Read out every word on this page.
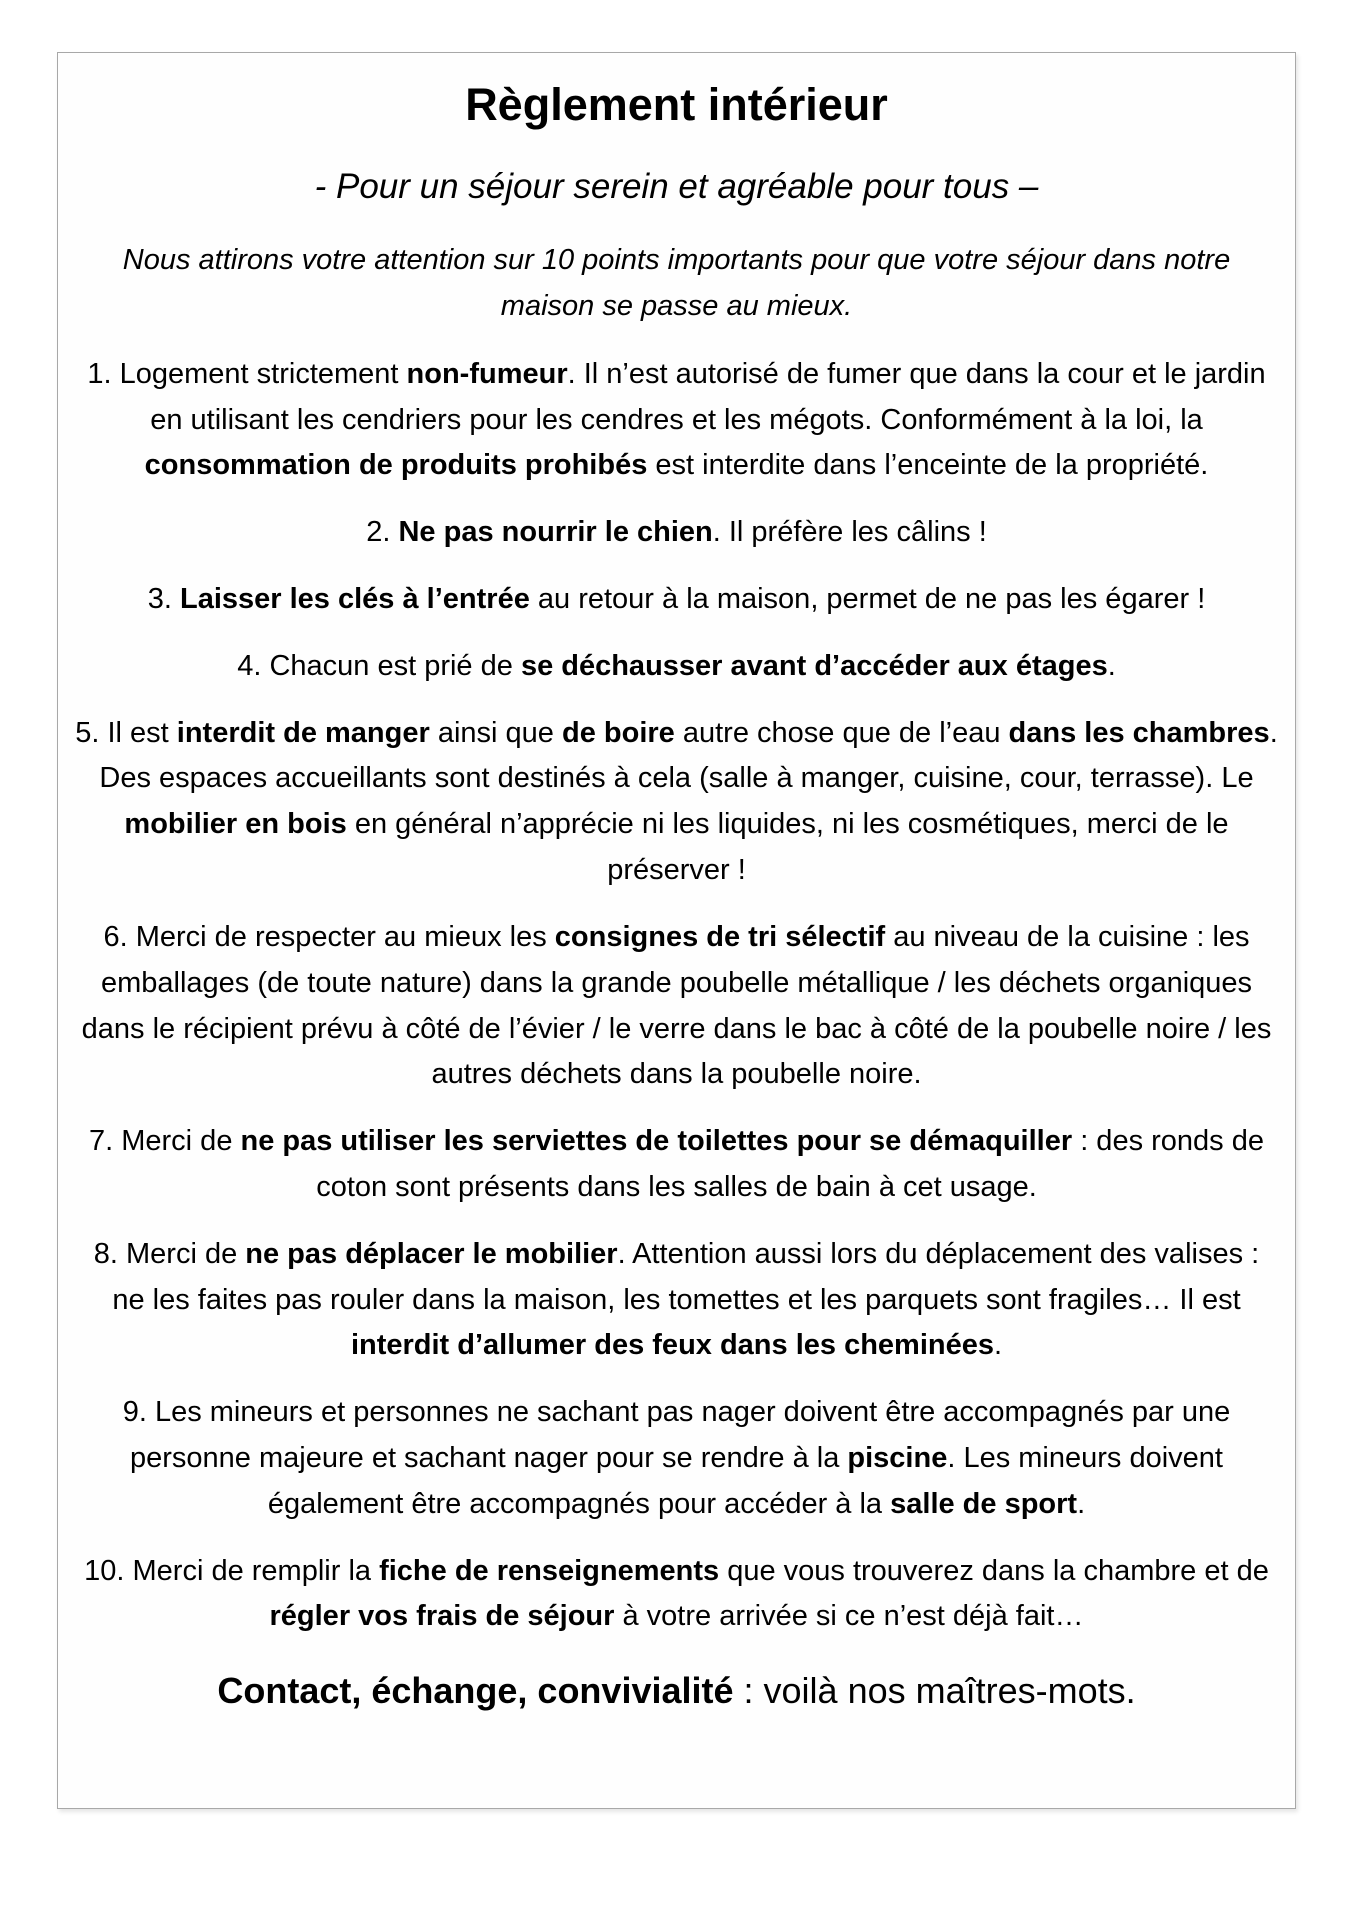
Règlement intérieur
- Pour un séjour serein et agréable pour tous –
Nous attirons votre attention sur 10 points importants pour que votre séjour dans notre maison se passe au mieux.

1. Logement strictement non-fumeur. Il n’est autorisé de fumer que dans la cour et le jardin en utilisant les cendriers pour les cendres et les mégots. Conformément à la loi, la consommation de produits prohibés est interdite dans l’enceinte de la propriété.

2. Ne pas nourrir le chien. Il préfère les câlins !

3. Laisser les clés à l’entrée au retour à la maison, permet de ne pas les égarer !

4. Chacun est prié de se déchausser avant d’accéder aux étages.

5. Il est interdit de manger ainsi que de boire autre chose que de l’eau dans les chambres. Des espaces accueillants sont destinés à cela (salle à manger, cuisine, cour, terrasse). Le mobilier en bois en général n’apprécie ni les liquides, ni les cosmétiques, merci de le préserver !

6. Merci de respecter au mieux les consignes de tri sélectif au niveau de la cuisine : les emballages (de toute nature) dans la grande poubelle métallique / les déchets organiques dans le récipient prévu à côté de l’évier / le verre dans le bac à côté de la poubelle noire / les autres déchets dans la poubelle noire.

7. Merci de ne pas utiliser les serviettes de toilettes pour se démaquiller : des ronds de coton sont présents dans les salles de bain à cet usage.

8. Merci de ne pas déplacer le mobilier. Attention aussi lors du déplacement des valises : ne les faites pas rouler dans la maison, les tomettes et les parquets sont fragiles… Il est interdit d’allumer des feux dans les cheminées.

9. Les mineurs et personnes ne sachant pas nager doivent être accompagnés par une personne majeure et sachant nager pour se rendre à la piscine. Les mineurs doivent également être accompagnés pour accéder à la salle de sport.

10. Merci de remplir la fiche de renseignements que vous trouverez dans la chambre et de régler vos frais de séjour à votre arrivée si ce n’est déjà fait…

Contact, échange, convivialité : voilà nos maîtres-mots.
